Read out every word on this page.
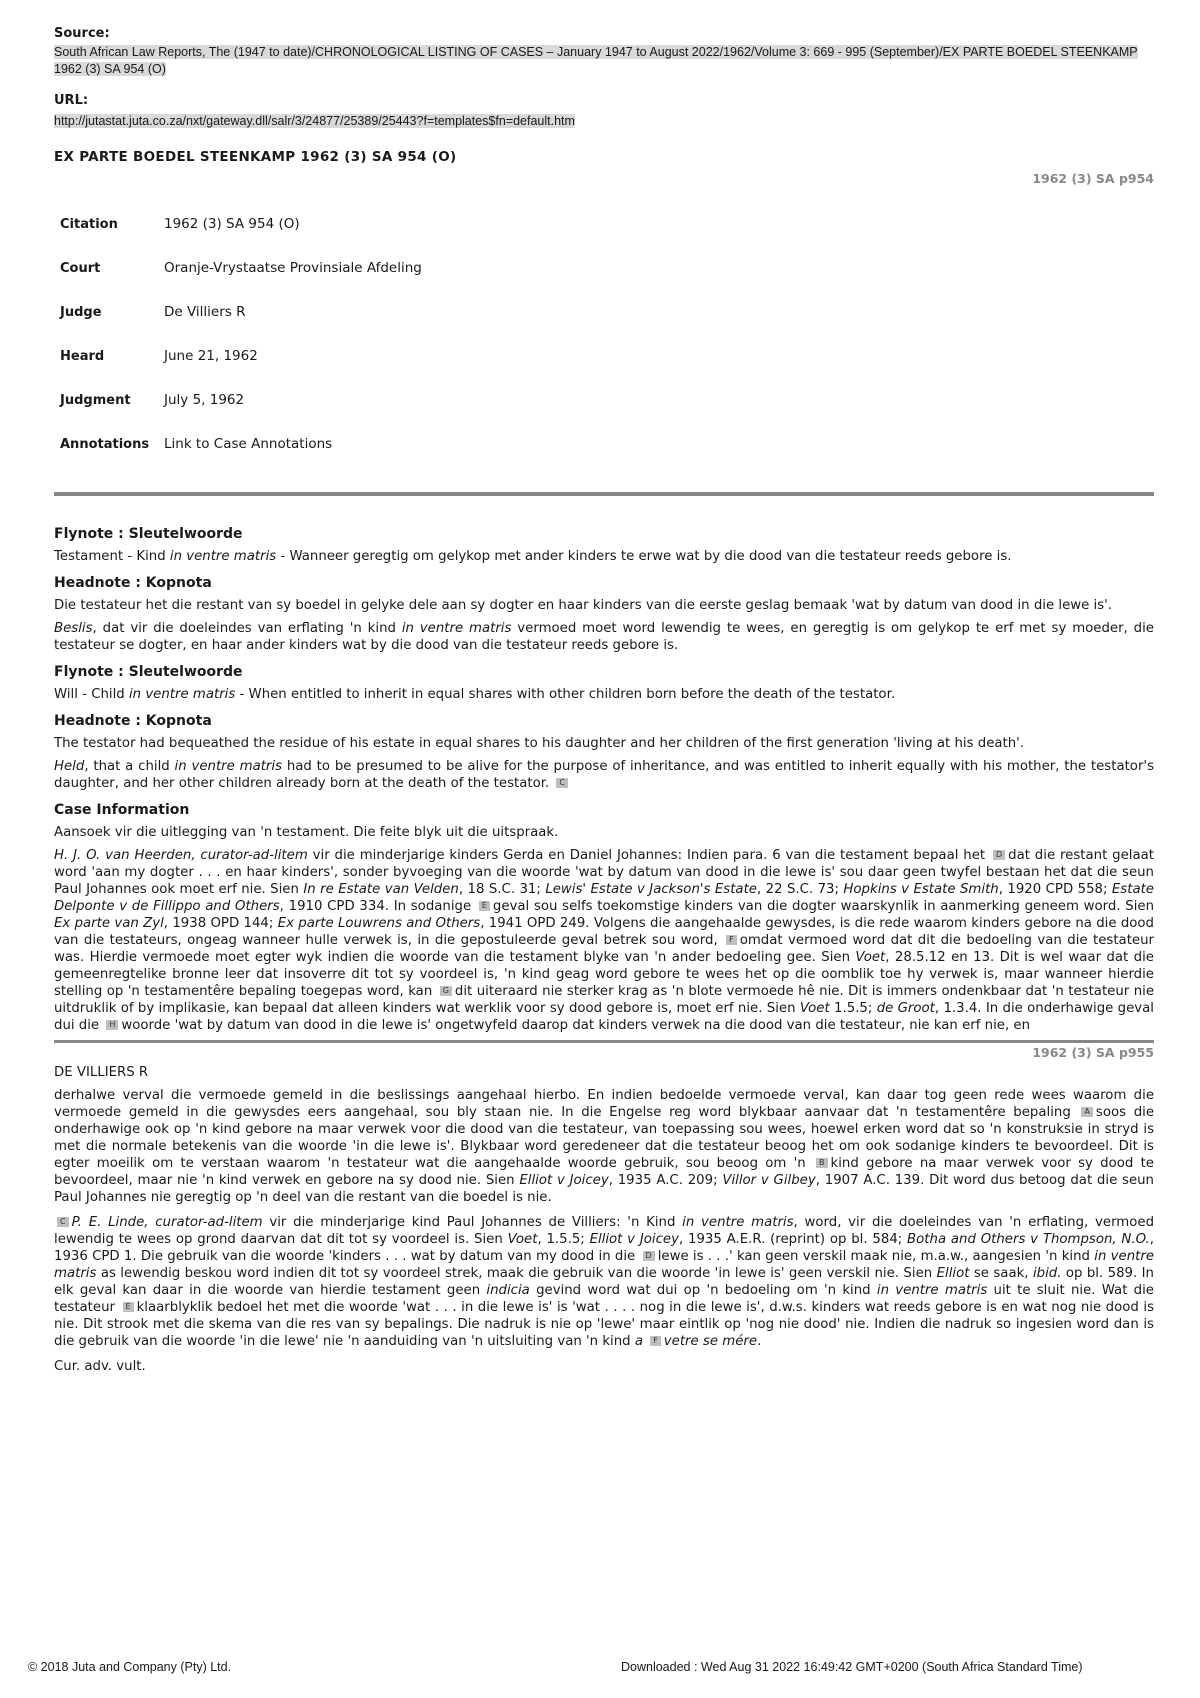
Source:
South African Law Reports, The (1947 to date)/CHRONOLOGICAL LISTING OF CASES – January 1947 to August 2022/1962/Volume 3: 669 - 995 (September)/EX PARTE BOEDEL STEENKAMP 1962 (3) SA 954 (O)
URL:
http://jutastat.juta.co.za/nxt/gateway.dll/salr/3/24877/25389/25443?f=templates$fn=default.htm
EX PARTE BOEDEL STEENKAMP 1962 (3) SA 954 (O)
1962 (3) SA p954
Citation	1962 (3) SA 954 (O)
Court	Oranje-Vrystaatse Provinsiale Afdeling
Judge	De Villiers R
Heard	June 21, 1962
Judgment	July 5, 1962
Annotations	Link to Case Annotations
Flynote : Sleutelwoorde

Testament - Kind in ventre matris - Wanneer geregtig om gelykop met ander kinders te erwe wat by die dood van die testateur reeds gebore is.

Headnote : Kopnota

Die testateur het die restant van sy boedel in gelyke dele aan sy dogter en haar kinders van die eerste geslag bemaak 'wat by datum van dood in die lewe is'.

Beslis, dat vir die doeleindes van erflating 'n kind in ventre matris vermoed moet word lewendig te wees, en geregtig is om gelykop te erf met sy moeder, die testateur se dogter, en haar ander kinders wat by die dood van die testateur reeds gebore is.

Flynote : Sleutelwoorde

Will - Child in ventre matris - When entitled to inherit in equal shares with other children born before the death of the testator.

Headnote : Kopnota

The testator had bequeathed the residue of his estate in equal shares to his daughter and her children of the first generation 'living at his death'.

Held, that a child in ventre matris had to be presumed to be alive for the purpose of inheritance, and was entitled to inherit equally with his mother, the testator's daughter, and her other children already born at the death of the testator. C

Case Information

Aansoek vir die uitlegging van 'n testament. Die feite blyk uit die uitspraak.

H. J. O. van Heerden, curator-ad-litem vir die minderjarige kinders Gerda en Daniel Johannes: Indien para. 6 van die testament bepaal het D dat die restant gelaat word 'aan my dogter . . . en haar kinders', sonder byvoeging van die woorde 'wat by datum van dood in die lewe is' sou daar geen twyfel bestaan het dat die seun Paul Johannes ook moet erf nie. Sien In re Estate van Velden, 18 S.C. 31; Lewis' Estate v Jackson's Estate, 22 S.C. 73; Hopkins v Estate Smith, 1920 CPD 558; Estate Delponte v de Fillippo and Others, 1910 CPD 334. In sodanige E geval sou selfs toekomstige kinders van die dogter waarskynlik in aanmerking geneem word. Sien Ex parte van Zyl, 1938 OPD 144; Ex parte Louwrens and Others, 1941 OPD 249. Volgens die aangehaalde gewysdes, is die rede waarom kinders gebore na die dood van die testateurs, ongeag wanneer hulle verwek is, in die gepostuleerde geval betrek sou word, F omdat vermoed word dat dit die bedoeling van die testateur was. Hierdie vermoede moet egter wyk indien die woorde van die testament blyke van 'n ander bedoeling gee. Sien Voet, 28.5.12 en 13. Dit is wel waar dat die gemeenregtelike bronne leer dat insoverre dit tot sy voordeel is, 'n kind geag word gebore te wees het op die oomblik toe hy verwek is, maar wanneer hierdie stelling op 'n testamentêre bepaling toegepas word, kan G dit uiteraard nie sterker krag as 'n blote vermoede hê nie. Dit is immers ondenkbaar dat 'n testateur nie uitdruklik of by implikasie, kan bepaal dat alleen kinders wat werklik voor sy dood gebore is, moet erf nie. Sien Voet 1.5.5; de Groot, 1.3.4. In die onderhawige geval dui die H woorde 'wat by datum van dood in die lewe is' ongetwyfeld daarop dat kinders verwek na die dood van die testateur, nie kan erf nie, en

1962 (3) SA p955

DE VILLIERS R

derhalwe verval die vermoede gemeld in die beslissings aangehaal hierbo. En indien bedoelde vermoede verval, kan daar tog geen rede wees waarom die vermoede gemeld in die gewysdes eers aangehaal, sou bly staan nie. In die Engelse reg word blykbaar aanvaar dat 'n testamentêre bepaling A soos die onderhawige ook op 'n kind gebore na maar verwek voor die dood van die testateur, van toepassing sou wees, hoewel erken word dat so 'n konstruksie in stryd is met die normale betekenis van die woorde 'in die lewe is'. Blykbaar word geredeneer dat die testateur beoog het om ook sodanige kinders te bevoordeel. Dit is egter moeilik om te verstaan waarom 'n testateur wat die aangehaalde woorde gebruik, sou beoog om 'n B kind gebore na maar verwek voor sy dood te bevoordeel, maar nie 'n kind verwek en gebore na sy dood nie. Sien Elliot v Joicey, 1935 A.C. 209; Villor v Gilbey, 1907 A.C. 139. Dit word dus betoog dat die seun Paul Johannes nie geregtig op 'n deel van die restant van die boedel is nie.

C P. E. Linde, curator-ad-litem vir die minderjarige kind Paul Johannes de Villiers: 'n Kind in ventre matris, word, vir die doeleindes van 'n erflating, vermoed lewendig te wees op grond daarvan dat dit tot sy voordeel is. Sien Voet, 1.5.5; Elliot v Joicey, 1935 A.E.R. (reprint) op bl. 584; Botha and Others v Thompson, N.O., 1936 CPD 1. Die gebruik van die woorde 'kinders . . . wat by datum van my dood in die D lewe is . . .' kan geen verskil maak nie, m.a.w., aangesien 'n kind in ventre matris as lewendig beskou word indien dit tot sy voordeel strek, maak die gebruik van die woorde 'in lewe is' geen verskil nie. Sien Elliot se saak, ibid. op bl. 589. In elk geval kan daar in die woorde van hierdie testament geen indicia gevind word wat dui op 'n bedoeling om 'n kind in ventre matris uit te sluit nie. Wat die testateur E klaarblyklik bedoel het met die woorde 'wat . . . in die lewe is' is 'wat . . . . nog in die lewe is', d.w.s. kinders wat reeds gebore is en wat nog nie dood is nie. Dit strook met die skema van die res van sy bepalings. Die nadruk is nie op 'lewe' maar eintlik op 'nog nie dood' nie. Indien die nadruk so ingesien word dan is die gebruik van die woorde 'in die lewe' nie 'n aanduiding van 'n uitsluiting van 'n kind a F vetre se mére.

Cur. adv. vult.

© 2018 Juta and Company (Pty) Ltd.	Downloaded : Wed Aug 31 2022 16:49:42 GMT+0200 (South Africa Standard Time)
